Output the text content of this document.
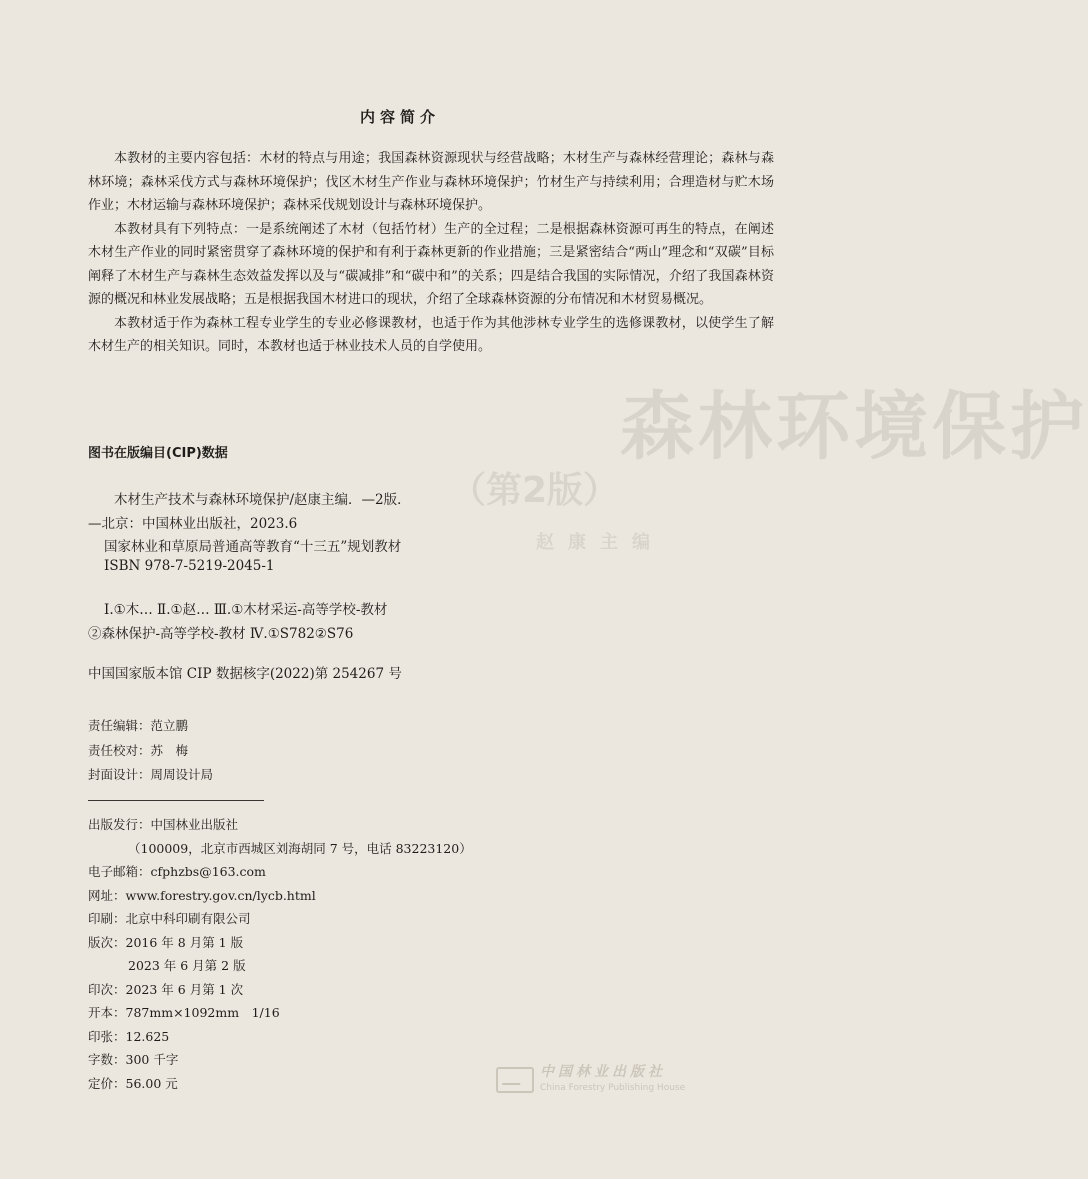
森林环境保护
（第2版）
赵康主编
内容简介

本教材的主要内容包括：木材的特点与用途；我国森林资源现状与经营战略；木材生产与森林经营理论；森林与森林环境；森林采伐方式与森林环境保护；伐区木材生产作业与森林环境保护；竹材生产与持续利用；合理造材与贮木场作业；木材运输与森林环境保护；森林采伐规划设计与森林环境保护。

本教材具有下列特点：一是系统阐述了木材（包括竹材）生产的全过程；二是根据森林资源可再生的特点，在阐述木材生产作业的同时紧密贯穿了森林环境的保护和有利于森林更新的作业措施；三是紧密结合“两山”理念和“双碳”目标阐释了木材生产与森林生态效益发挥以及与“碳减排”和“碳中和”的关系；四是结合我国的实际情况，介绍了我国森林资源的概况和林业发展战略；五是根据我国木材进口的现状，介绍了全球森林资源的分布情况和木材贸易概况。

本教材适于作为森林工程专业学生的专业必修课教材，也适于作为其他涉林专业学生的选修课教材，以使学生了解木材生产的相关知识。同时，本教材也适于林业技术人员的自学使用。

图书在版编目(CIP)数据
木材生产技术与森林环境保护/赵康主编．—2版．
—北京：中国林业出版社，2023.6
国家林业和草原局普通高等教育“十三五”规划教材
ISBN 978-7-5219-2045-1
Ⅰ.①木… Ⅱ.①赵… Ⅲ.①木材采运-高等学校-教材
②森林保护-高等学校-教材 Ⅳ.①S782②S76
中国国家版本馆 CIP 数据核字(2022)第 254267 号
责任编辑： 范立鹏
责任校对： 苏　梅
封面设计： 周周设计局
出版发行：中国林业出版社
（100009，北京市西城区刘海胡同 7 号，电话 83223120）
电子邮箱：cfphzbs@163.com
网址：www.forestry.gov.cn/lycb.html
印刷：北京中科印刷有限公司
版次：2016 年 8 月第 1 版
2023 年 6 月第 2 版
印次：2023 年 6 月第 1 次
开本：787mm×1092mm　1/16
印张：12.625
字数：300 千字
定价：56.00 元
中国林业出版社
China Forestry Publishing House
